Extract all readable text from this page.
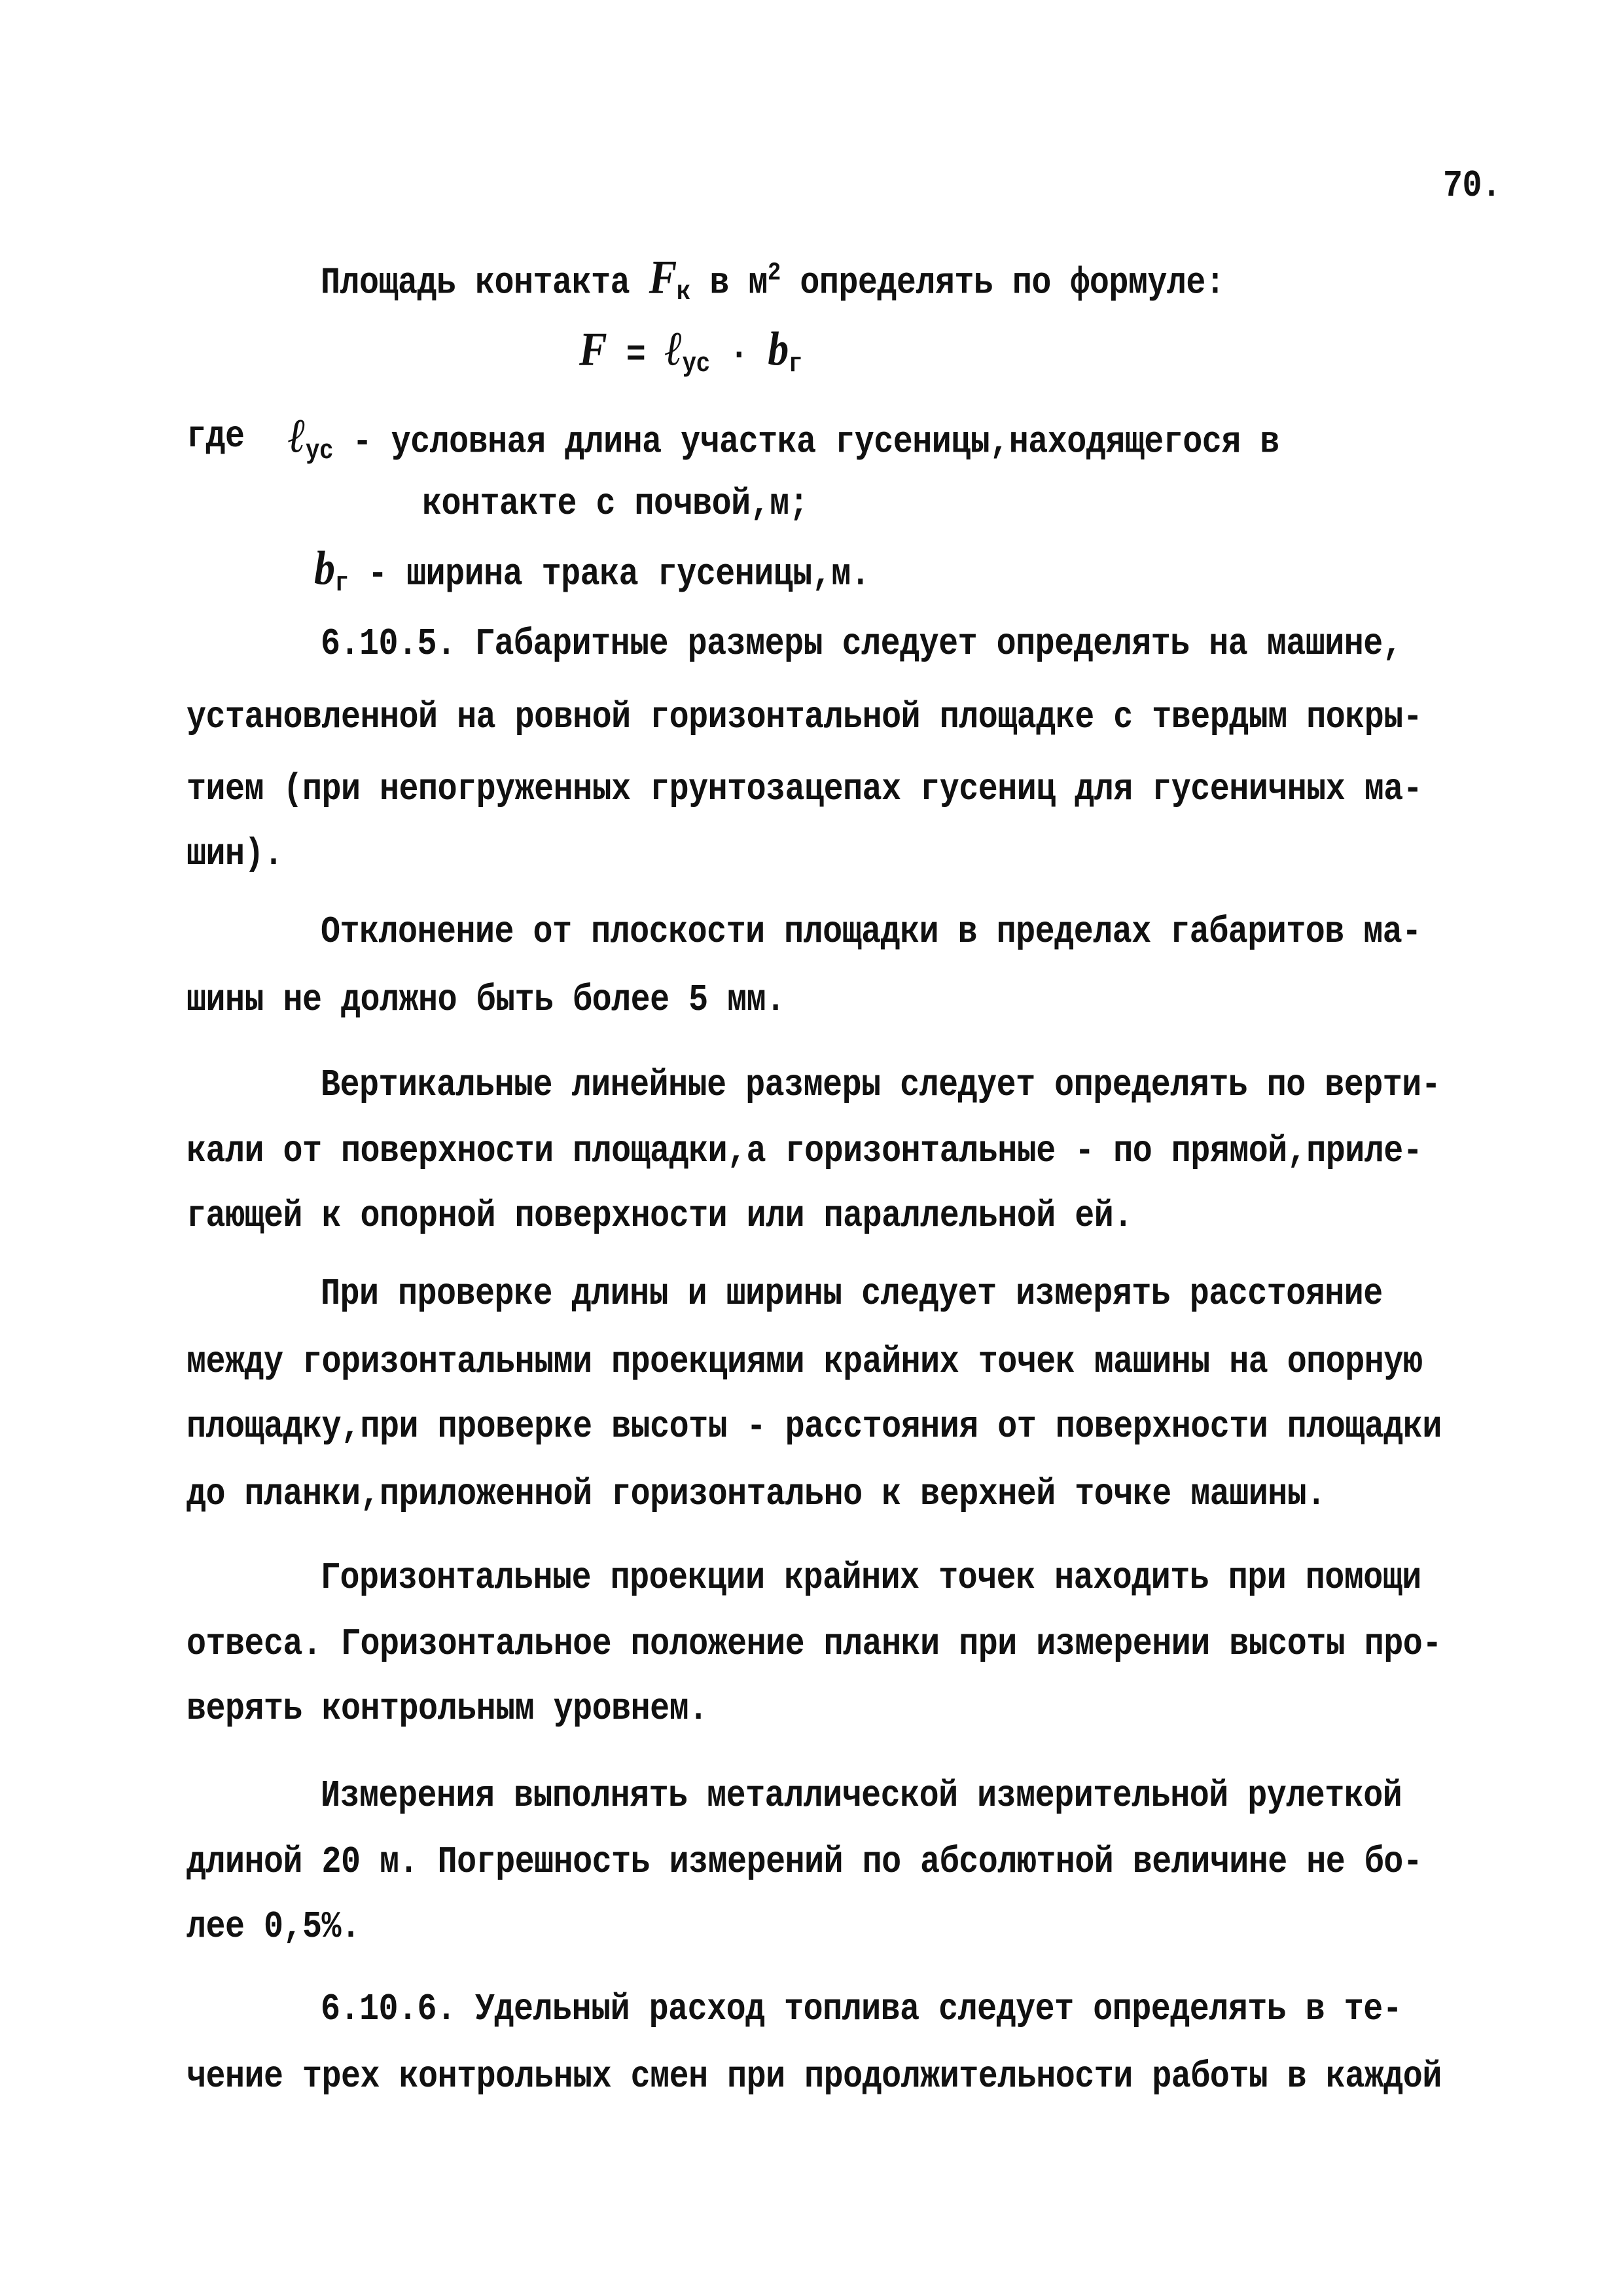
70.
Площадь контакта $F_к$ в $м^2$ определять по формуле:
F = ℓ$_{ус}$ · $b_г$
где ℓ$_{ус}$ - условная длина участка гусеницы,находящегося в
контакте с почвой,м;
$b_г$ - ширина трака гусеницы,м.
6.10.5. Габаритные размеры следует определять на машине,
установленной на ровной горизонтальной площадке с твердым покры-
тием (при непогруженных грунтозацепах гусениц для гусеничных ма-
шин).
Отклонение от плоскости площадки в пределах габаритов ма-
шины не должно быть более 5 мм.
Вертикальные линейные размеры следует определять по верти-
кали от поверхности площадки,а горизонтальные - по прямой,приле-
гающей к опорной поверхности или параллельной ей.
При проверке длины и ширины следует измерять расстояние
между горизонтальными проекциями крайних точек машины на опорную
площадку,при проверке высоты - расстояния от поверхности площадки
до планки,приложенной горизонтально к верхней точке машины.
Горизонтальные проекции крайних точек находить при помощи
отвеса. Горизонтальное положение планки при измерении высоты про-
верять контрольным уровнем.
Измерения выполнять металлической измерительной рулеткой
длиной 20 м. Погрешность измерений по абсолютной величине не бо-
лее 0,5%.
6.10.6. Удельный расход топлива следует определять в те-
чение трех контрольных смен при продолжительности работы в каждой
